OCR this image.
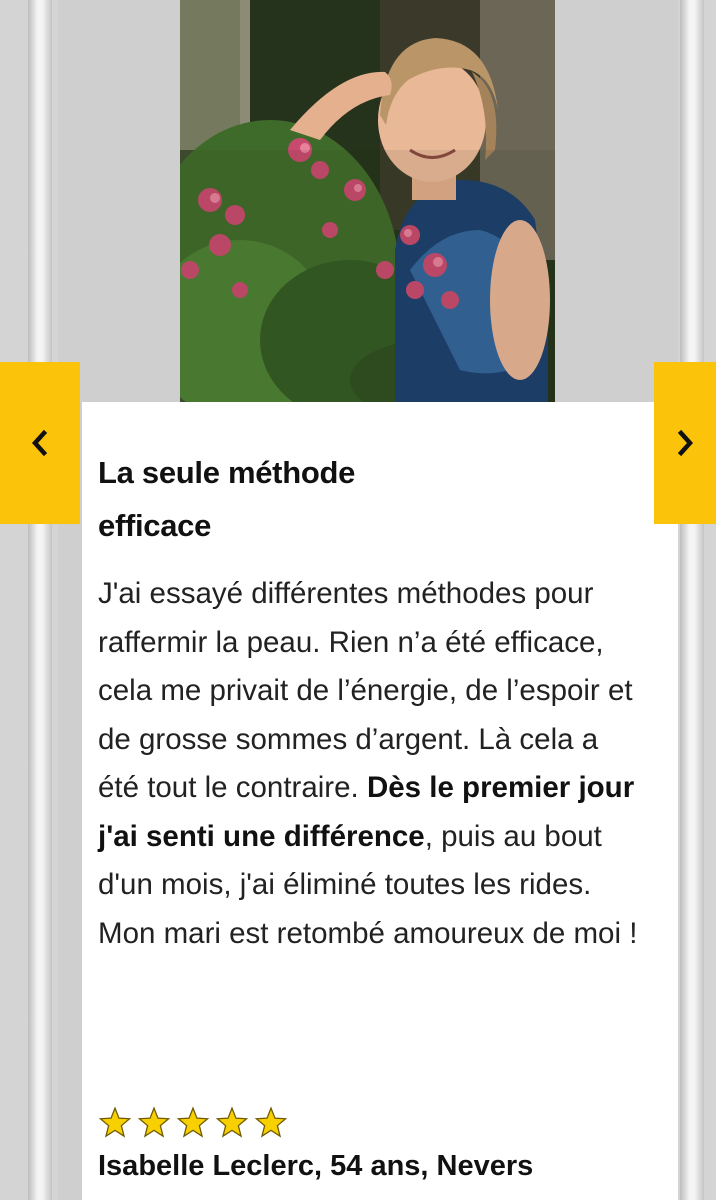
La seule méthode
efficace

J'ai essayé différentes méthodes pour raffermir la peau. Rien n’a été efficace, cela me privait de l’énergie, de l’espoir et de grosse sommes d’argent. Là cela a été tout le contraire. Dès le premier jour j'ai senti une différence, puis au bout d'un mois, j'ai éliminé toutes les rides. Mon mari est retombé amoureux de moi !

Isabelle Leclerc, 54 ans, Nevers
